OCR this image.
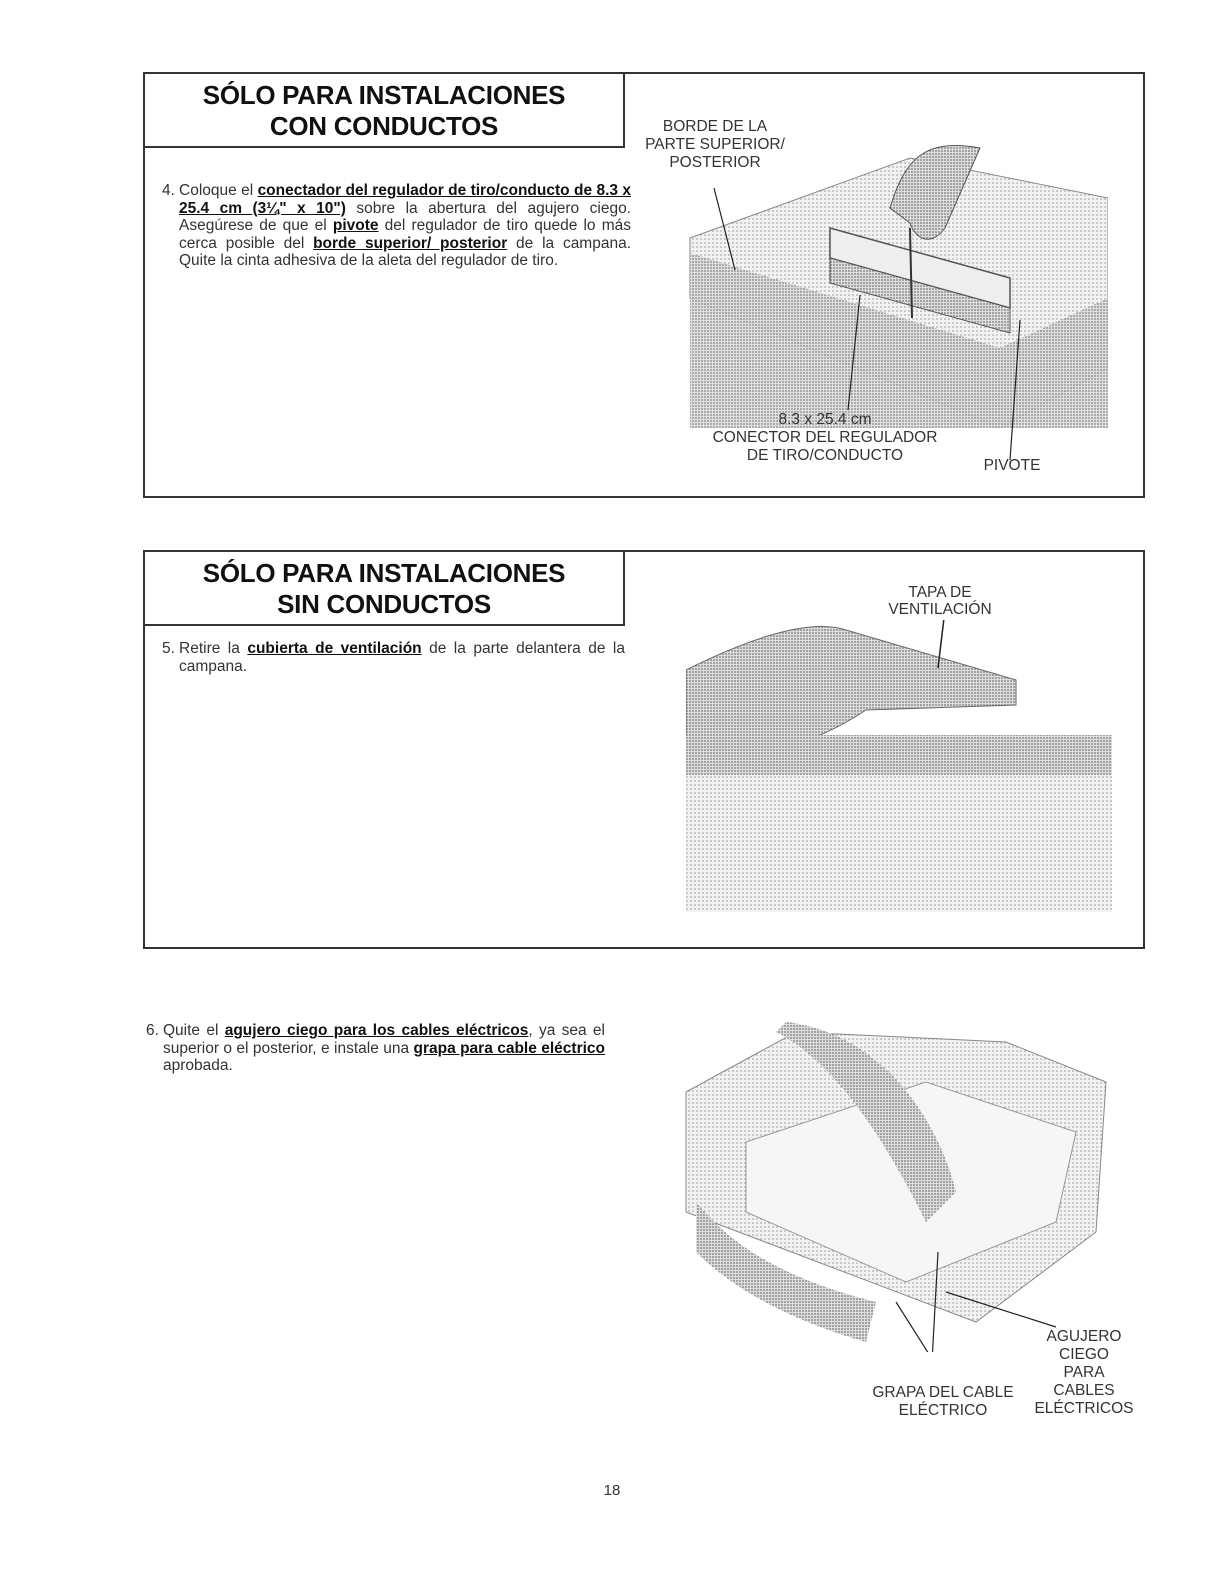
SÓLO PARA INSTALACIONES
CON CONDUCTOS
4. Coloque el conectador del regulador de tiro/conducto de 8.3 x 25.4 cm (3¼" x 10") sobre la abertura del agujero ciego. Asegúrese de que el pivote del regulador de tiro quede lo más cerca posible del borde superior/ posterior de la campana. Quite la cinta adhesiva de la aleta del regulador de tiro.
BORDE DE LA
PARTE SUPERIOR/
POSTERIOR
8.3 x 25.4 cm
CONECTOR DEL REGULADOR
DE TIRO/CONDUCTO
PIVOTE
SÓLO PARA INSTALACIONES
SIN CONDUCTOS
5. Retire la cubierta de ventilación de la parte delantera de la campana.
TAPA DE
VENTILACIÓN
6. Quite el agujero ciego para los cables eléctricos, ya sea el superior o el posterior, e instale una grapa para cable eléctrico aprobada.
GRAPA DEL CABLE
ELÉCTRICO
AGUJERO
CIEGO
PARA
CABLES
ELÉCTRICOS
18
